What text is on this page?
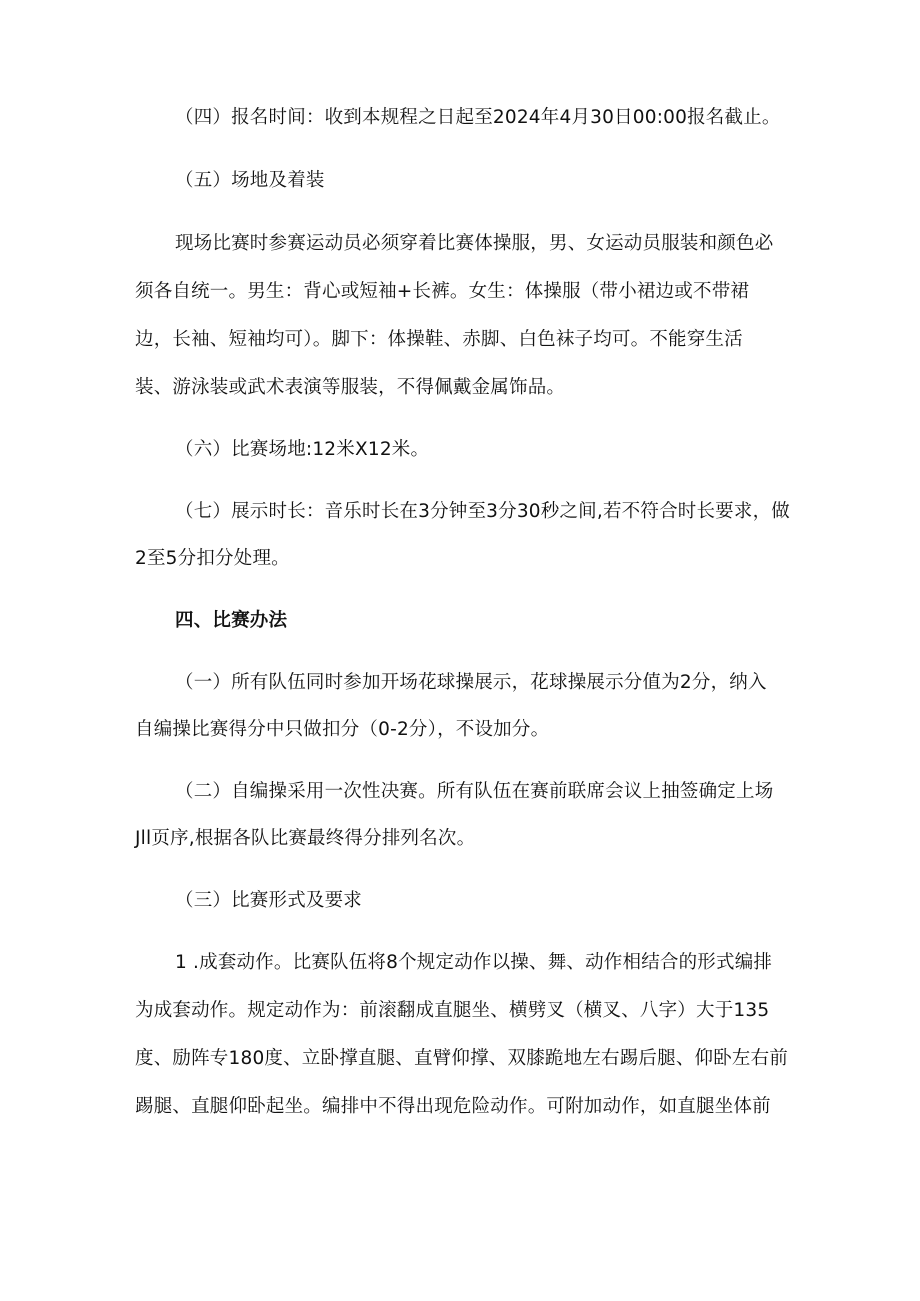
（四）报名时间：收到本规程之日起至2024年4月30日00:00报名截止。
（五）场地及着装
现场比赛时参赛运动员必须穿着比赛体操服，男、女运动员服装和颜色必
须各自统一。男生：背心或短袖+长裤。女生：体操服（带小裙边或不带裙
边，长袖、短袖均可）。脚下：体操鞋、赤脚、白色袜子均可。不能穿生活
装、游泳装或武术表演等服装，不得佩戴金属饰品。
（六）比赛场地:12米X12米。
（七）展示时长：音乐时长在3分钟至3分30秒之间,若不符合时长要求，做
2至5分扣分处理。
四、比赛办法
（一）所有队伍同时参加开场花球操展示，花球操展示分值为2分，纳入
自编操比赛得分中只做扣分（0-2分），不设加分。
（二）自编操采用一次性决赛。所有队伍在赛前联席会议上抽签确定上场
Jll页序,根据各队比赛最终得分排列名次。
（三）比赛形式及要求
1 .成套动作。比赛队伍将8个规定动作以操、舞、动作相结合的形式编排
为成套动作。规定动作为：前滚翻成直腿坐、横劈叉（横叉、八字）大于135
度、励阵专180度、立卧撑直腿、直臂仰撑、双膝跪地左右踢后腿、仰卧左右前
踢腿、直腿仰卧起坐。编排中不得出现危险动作。可附加动作，如直腿坐体前
